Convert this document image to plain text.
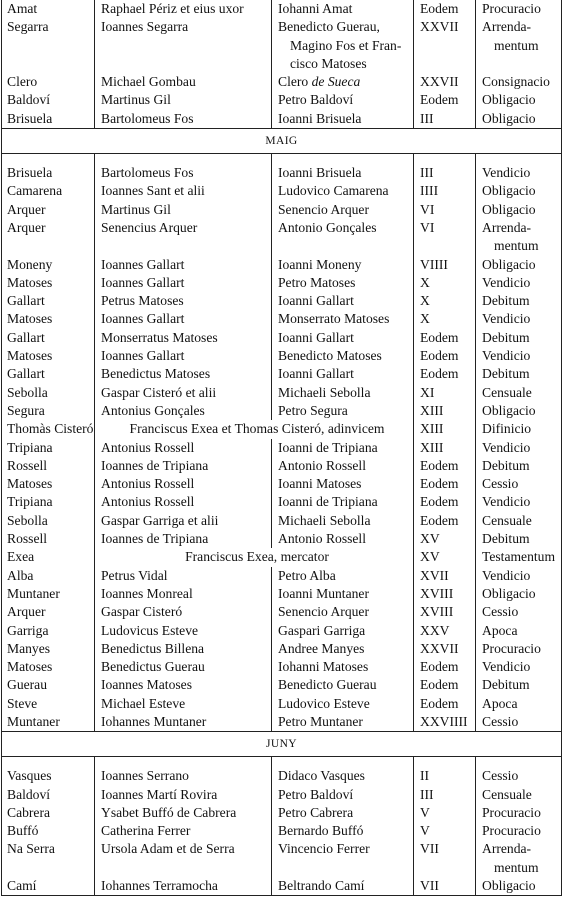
Amat	Raphael Périz et eius uxor	Iohanni Amat	Eodem	Procuracio

Segarra	Ioannes Segarra	Benedicto Guerau,
Magino Fos et Fran-
cisco Matoses	XXVII	Arrenda-
mentum

Clero	Michael Gombau	Clero de Sueca	XXVII	Consignacio

Baldoví	Martinus Gil	Petro Baldoví	Eodem	Obligacio

Brisuela	Bartolomeus Fos	Ioanni Brisuela	III	Obligacio

MAIG				

Brisuela	Bartolomeus Fos	Ioanni Brisuela	III	Vendicio

Camarena	Ioannes Sant et alii	Ludovico Camarena	IIII	Obligacio

Arquer	Martinus Gil	Senencio Arquer	VI	Obligacio

Arquer	Senencius Arquer	Antonio Gonçales	VI	Arrenda-
mentum

Moneny	Ioannes Gallart	Ioanni Moneny	VIIII	Obligacio

Matoses	Ioannes Gallart	Petro Matoses	X	Vendicio

Gallart	Petrus Matoses	Ioanni Gallart	X	Debitum

Matoses	Ioannes Gallart	Monserrato Matoses	X	Vendicio

Gallart	Monserratus Matoses	Ioanni Gallart	Eodem	Debitum

Matoses	Ioannes Gallart	Benedicto Matoses	Eodem	Vendicio

Gallart	Benedictus Matoses	Ioanni Gallart	Eodem	Debitum

Sebolla	Gaspar Cisteró et alii	Michaeli Sebolla	XI	Censuale

Segura	Antonius Gonçales	Petro Segura	XIII	Obligacio

Thomàs Cisteró	Franciscus Exea et Thomas Cisteró, adinvicem		XIII	Difinicio

Tripiana	Antonius Rossell	Ioanni de Tripiana	XIII	Vendicio

Rossell	Ioannes de Tripiana	Antonio Rossell	Eodem	Debitum

Matoses	Antonius Rossell	Ioanni Matoses	Eodem	Cessio

Tripiana	Antonius Rossell	Ioanni de Tripiana	Eodem	Vendicio

Sebolla	Gaspar Garriga et alii	Michaeli Sebolla	Eodem	Censuale

Rossell	Ioannes de Tripiana	Antonio Rossell	XV	Debitum

Exea	Franciscus Exea, mercator		XV	Testamentum

Alba	Petrus Vidal	Petro Alba	XVII	Vendicio

Muntaner	Ioannes Monreal	Ioanni Muntaner	XVIII	Obligacio

Arquer	Gaspar Cisteró	Senencio Arquer	XVIII	Cessio

Garriga	Ludovicus Esteve	Gaspari Garriga	XXV	Apoca

Manyes	Benedictus Billena	Andree Manyes	XXVII	Procuracio

Matoses	Benedictus Guerau	Iohanni Matoses	Eodem	Vendicio

Guerau	Ioannes Matoses	Benedicto Guerau	Eodem	Debitum

Steve	Michael Esteve	Ludovico Esteve	Eodem	Apoca

Muntaner	Iohannes Muntaner	Petro Muntaner	XXVIIII	Cessio

JUNY				

Vasques	Ioannes Serrano	Didaco Vasques	II	Cessio

Baldoví	Ioannes Martí Rovira	Petro Baldoví	III	Censuale

Cabrera	Ysabet Buffó de Cabrera	Petro Cabrera	V	Procuracio

Buffó	Catherina Ferrer	Bernardo Buffó	V	Procuracio

Na Serra	Ursola Adam et de Serra	Vincencio Ferrer	VII	Arrenda-
mentum

Camí	Iohannes Terramocha	Beltrando Camí	VII	Obligacio
